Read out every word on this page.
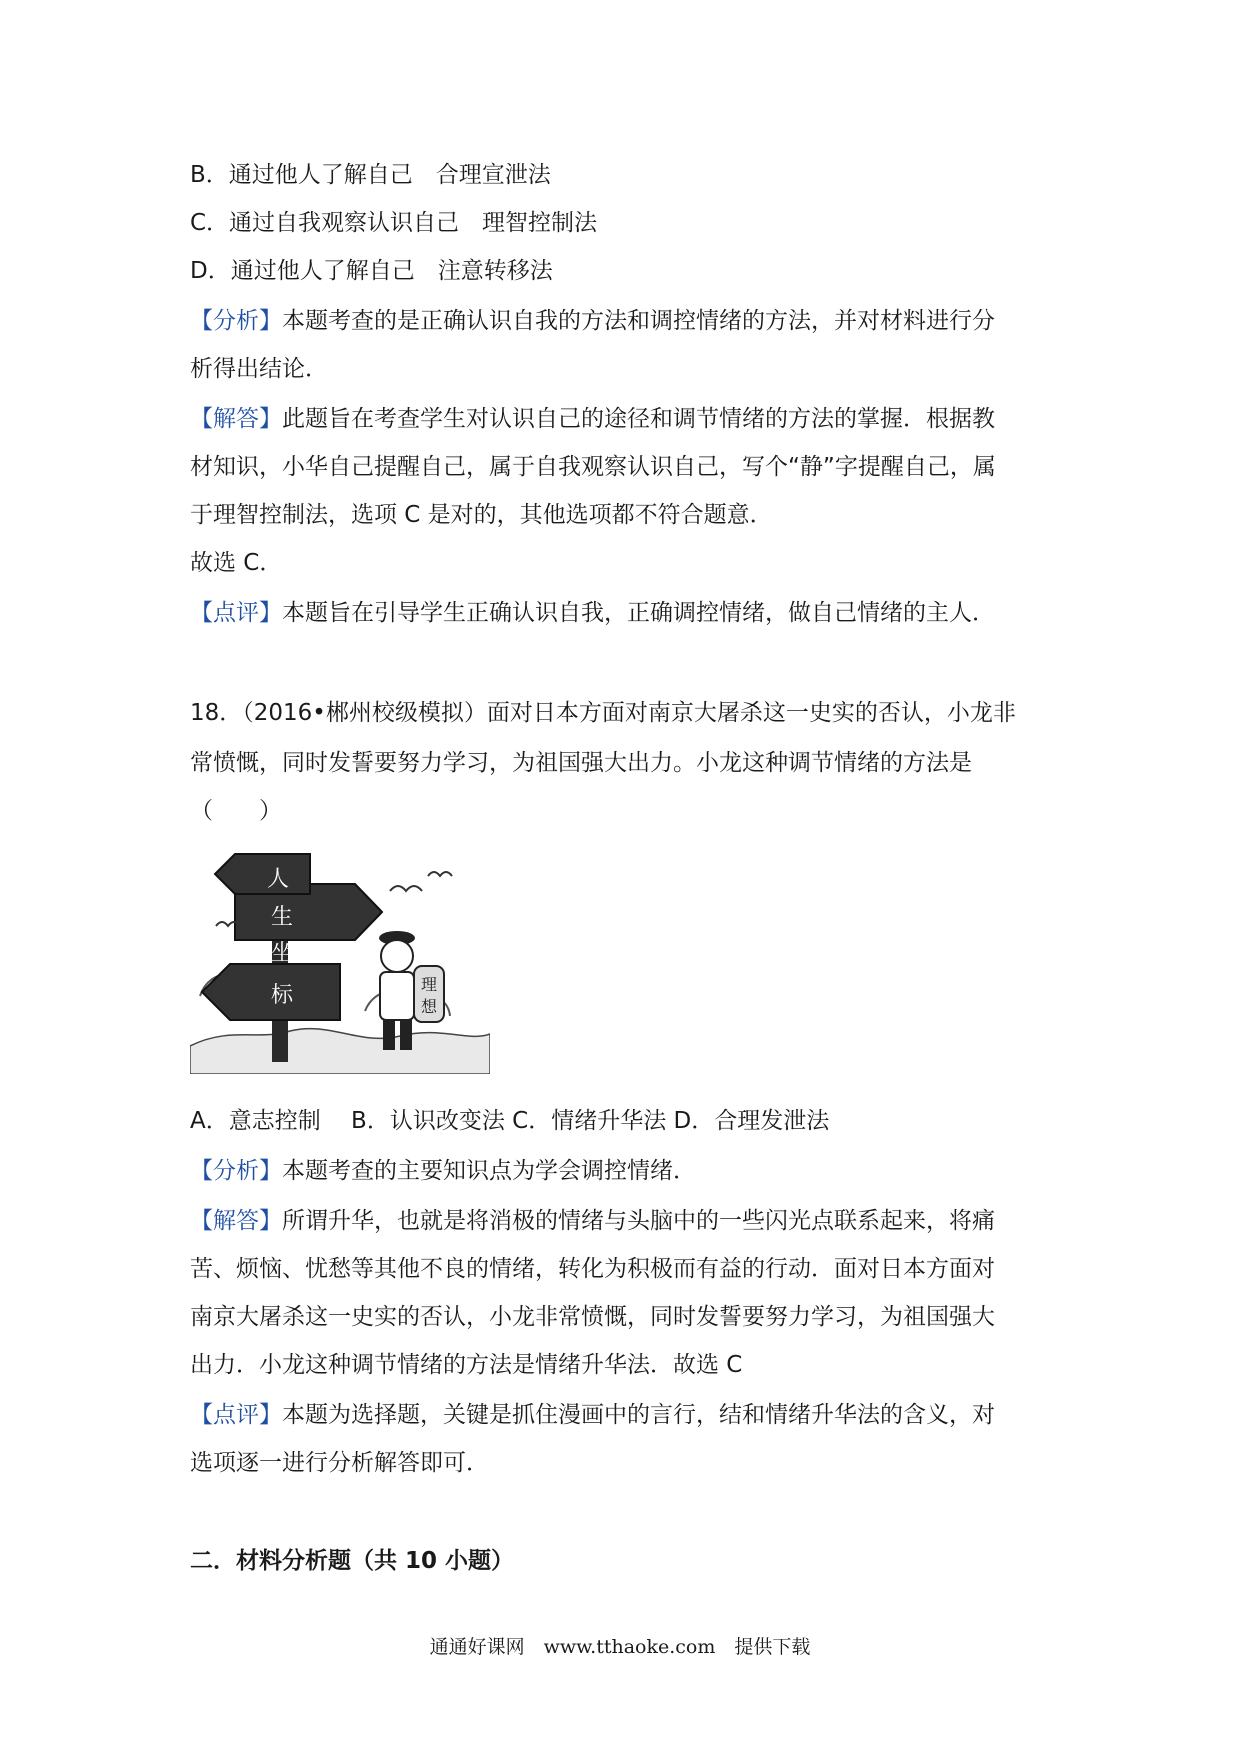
B．通过他人了解自己　合理宣泄法
C．通过自我观察认识自己　理智控制法
D．通过他人了解自己　注意转移法
【分析】本题考查的是正确认识自我的方法和调控情绪的方法，并对材料进行分
析得出结论．
【解答】此题旨在考查学生对认识自己的途径和调节情绪的方法的掌握．根据教
材知识，小华自己提醒自己，属于自我观察认识自己，写个“静”字提醒自己，属
于理智控制法，选项 C 是对的，其他选项都不符合题意．
故选 C．
【点评】本题旨在引导学生正确认识自我，正确调控情绪，做自己情绪的主人．
18．（2016•郴州校级模拟）面对日本方面对南京大屠杀这一史实的否认，小龙非
常愤慨，同时发誓要努力学习，为祖国强大出力。小龙这种调节情绪的方法是
（　　）
人
生
坐
标	理
想
A．意志控制　 B．认识改变法 C．情绪升华法 D．合理发泄法
【分析】本题考查的主要知识点为学会调控情绪．
【解答】所谓升华，也就是将消极的情绪与头脑中的一些闪光点联系起来，将痛
苦、烦恼、忧愁等其他不良的情绪，转化为积极而有益的行动．面对日本方面对
南京大屠杀这一史实的否认，小龙非常愤慨，同时发誓要努力学习，为祖国强大
出力．小龙这种调节情绪的方法是情绪升华法．故选 C
【点评】本题为选择题，关键是抓住漫画中的言行，结和情绪升华法的含义，对
选项逐一进行分析解答即可．
二．材料分析题（共 10 小题）
通通好课网　www.tthaoke.com　提供下载
